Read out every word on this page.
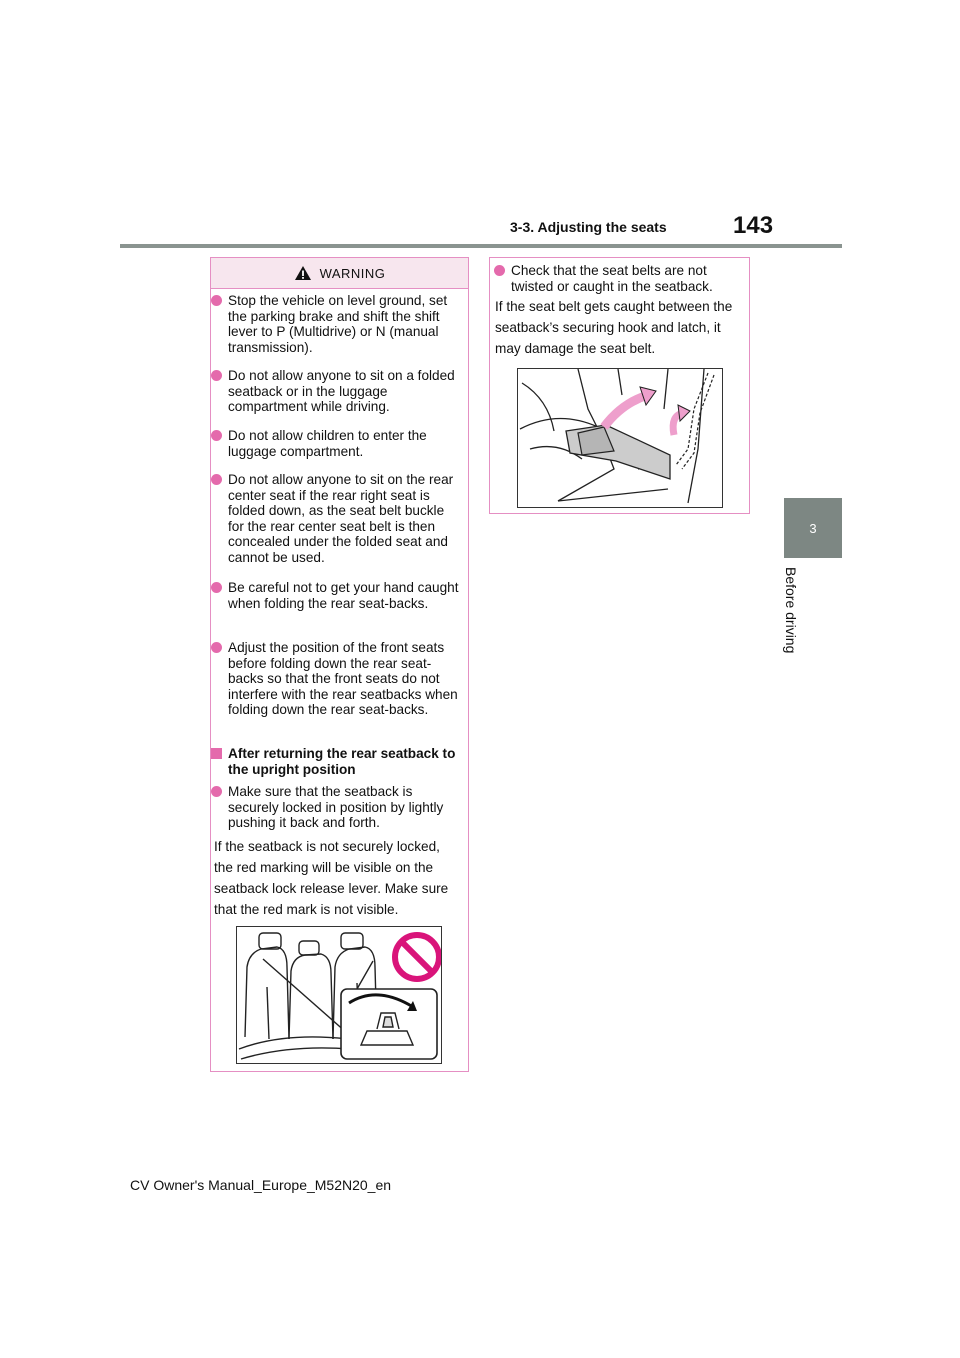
3-3. Adjusting the seats	143
3
Before driving
WARNING
Stop the vehicle on level ground, set the parking brake and shift the shift lever to P (Multidrive) or N (manual transmission).
Do not allow anyone to sit on a folded seatback or in the luggage compartment while driving.
Do not allow children to enter the luggage compartment.
Do not allow anyone to sit on the rear center seat if the rear right seat is folded down, as the seat belt buckle for the rear center seat belt is then concealed under the folded seat and cannot be used.
Be careful not to get your hand caught when folding the rear seat-backs.
Adjust the position of the front seats before folding down the rear seat-backs so that the front seats do not interfere with the rear seatbacks when folding down the rear seat-backs.
After returning the rear seatback to the upright position
Make sure that the seatback is securely locked in position by lightly pushing it back and forth.
If the seatback is not securely locked, the red marking will be visible on the seatback lock release lever. Make sure that the red mark is not visible.
Check that the seat belts are not twisted or caught in the seatback.
If the seat belt gets caught between the seatback’s securing hook and latch, it may damage the seat belt.
CV Owner's Manual_Europe_M52N20_en
